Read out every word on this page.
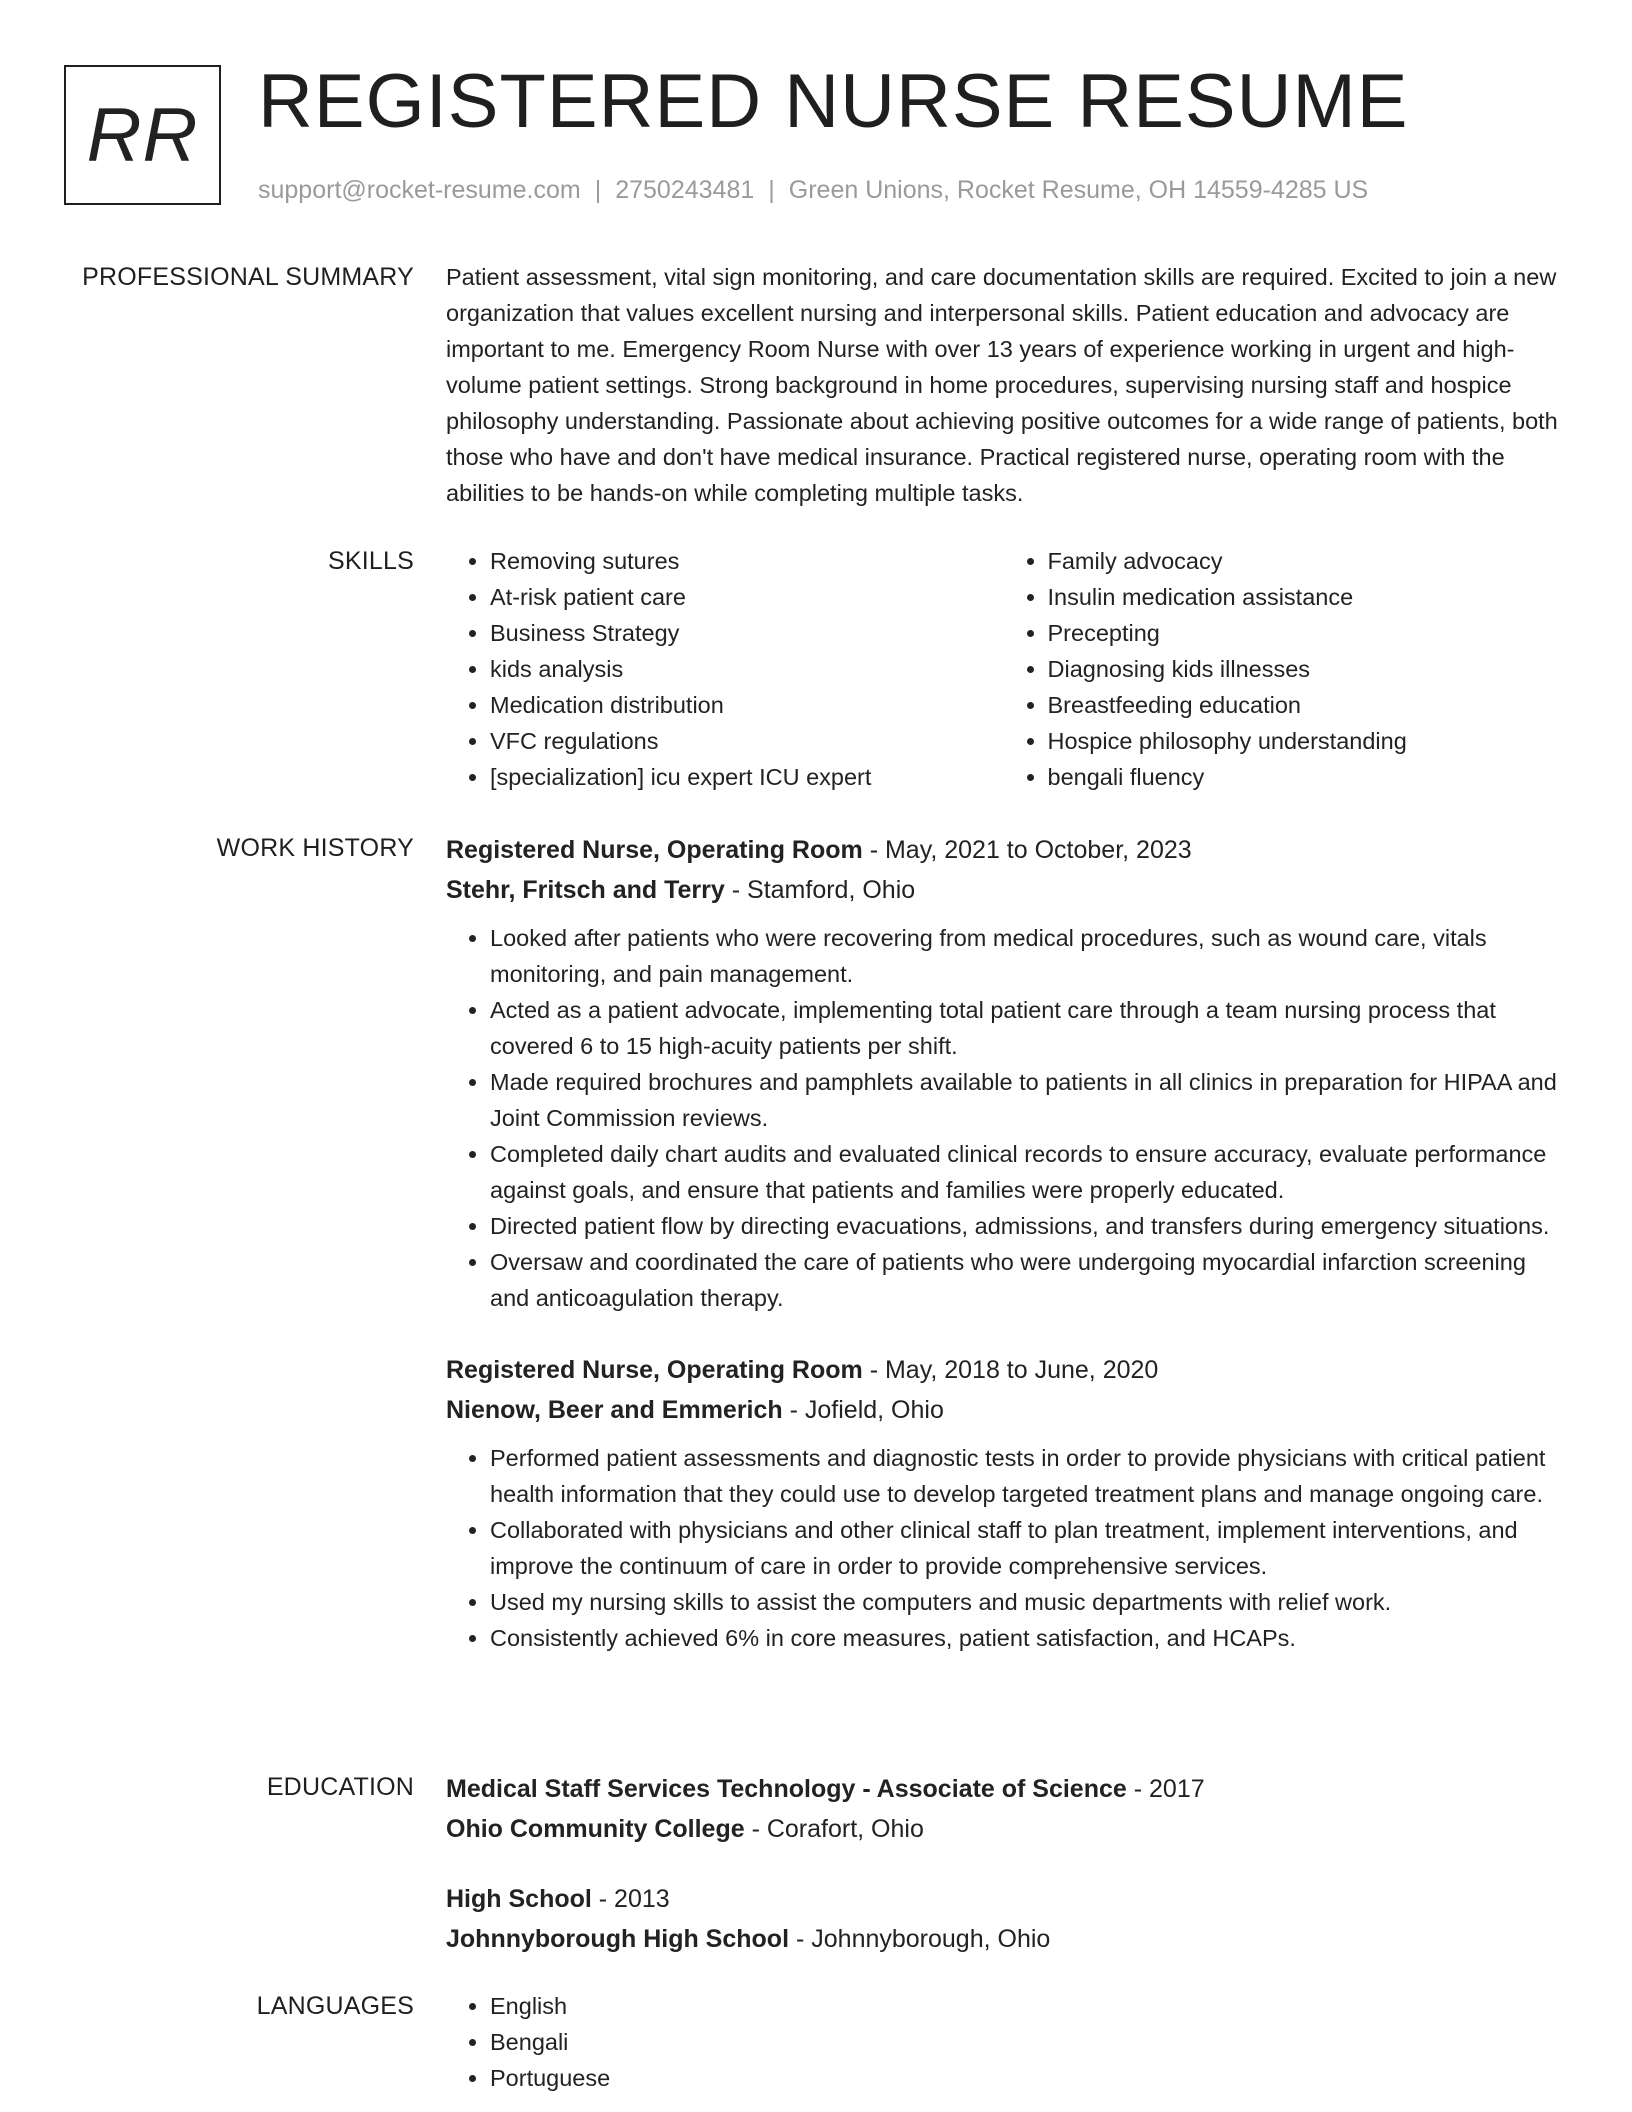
RR REGISTERED NURSE RESUME
support@rocket-resume.com | 2750243481 | Green Unions, Rocket Resume, OH 14559-4285 US
PROFESSIONAL SUMMARY Patient assessment, vital sign monitoring, and care documentation skills are required. Excited to join a new organization that values excellent nursing and interpersonal skills. Patient education and advocacy are important to me. Emergency Room Nurse with over 13 years of experience working in urgent and high-volume patient settings. Strong background in home procedures, supervising nursing staff and hospice philosophy understanding. Passionate about achieving positive outcomes for a wide range of patients, both those who have and don't have medical insurance. Practical registered nurse, operating room with the abilities to be hands-on while completing multiple tasks.
SKILLS	• Removing sutures
• At-risk patient care
• Business Strategy
• kids analysis
• Medication distribution
• VFC regulations
• [specialization] icu expert ICU expert
• Family advocacy
• Insulin medication assistance
• Precepting
• Diagnosing kids illnesses
• Breastfeeding education
• Hospice philosophy understanding
• bengali fluency
WORK HISTORY Registered Nurse, Operating Room - May, 2021 to October, 2023
Stehr, Fritsch and Terry - Stamford, Ohio
• Looked after patients who were recovering from medical procedures, such as wound care, vitals monitoring, and pain management.
• Acted as a patient advocate, implementing total patient care through a team nursing process that covered 6 to 15 high-acuity patients per shift.
• Made required brochures and pamphlets available to patients in all clinics in preparation for HIPAA and Joint Commission reviews.
• Completed daily chart audits and evaluated clinical records to ensure accuracy, evaluate performance against goals, and ensure that patients and families were properly educated.
• Directed patient flow by directing evacuations, admissions, and transfers during emergency situations.
• Oversaw and coordinated the care of patients who were undergoing myocardial infarction screening and anticoagulation therapy.
Registered Nurse, Operating Room - May, 2018 to June, 2020
Nienow, Beer and Emmerich - Jofield, Ohio
• Performed patient assessments and diagnostic tests in order to provide physicians with critical patient health information that they could use to develop targeted treatment plans and manage ongoing care.
• Collaborated with physicians and other clinical staff to plan treatment, implement interventions, and improve the continuum of care in order to provide comprehensive services.
• Used my nursing skills to assist the computers and music departments with relief work.
• Consistently achieved 6% in core measures, patient satisfaction, and HCAPs.
EDUCATION Medical Staff Services Technology - Associate of Science - 2017
Ohio Community College - Corafort, Ohio
High School - 2013
Johnnyborough High School - Johnnyborough, Ohio
LANGUAGES	• English
• Bengali
• Portuguese
